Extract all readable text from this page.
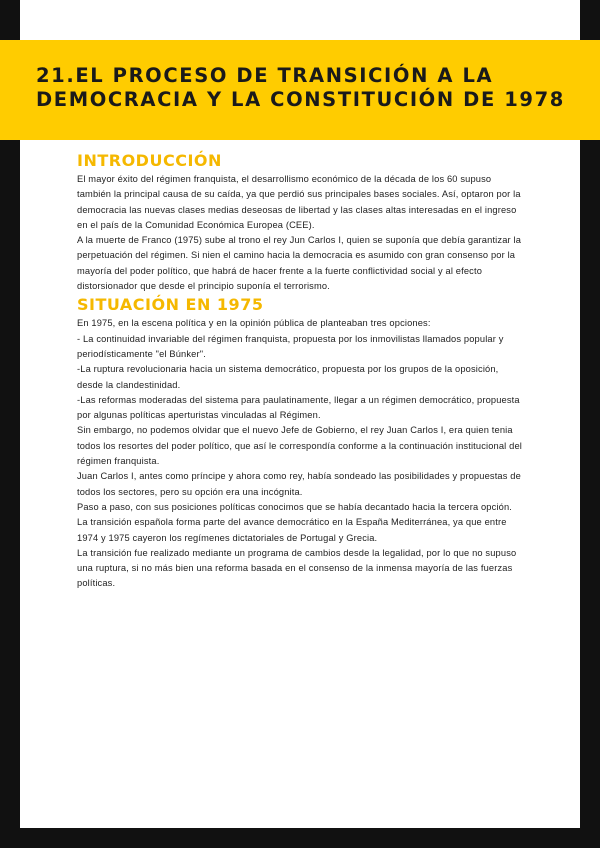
21.EL PROCESO DE TRANSICIÓN A LA DEMOCRACIA Y LA CONSTITUCIÓN DE 1978
INTRODUCCIÓN

El mayor éxito del régimen franquista, el desarrollismo económico de la década de los 60 supuso también la principal causa de su caída, ya que perdió sus principales bases sociales. Así, optaron por la democracia las nuevas clases medias deseosas de libertad y las clases altas interesadas en el ingreso en el país de la Comunidad Económica Europea (CEE).

A la muerte de Franco (1975) sube al trono el rey Jun Carlos I, quien se suponía que debía garantizar la perpetuación del régimen. Si nien el camino hacia la democracia es asumido con gran consenso por la mayoría del poder político, que habrá de hacer frente a la fuerte conflictividad social y al efecto distorsionador que desde el principio suponía el terrorismo.

SITUACIÓN EN 1975

En 1975, en la escena política y en la opinión pública de planteaban tres opciones:

- La continuidad invariable del régimen franquista, propuesta por los inmovilistas llamados popular y periodísticamente "el Búnker".

-La ruptura revolucionaria hacia un sistema democrático, propuesta por los grupos de la oposición, desde la clandestinidad.

-Las reformas moderadas del sistema para paulatinamente, llegar a un régimen democrático, propuesta por algunas políticas aperturistas vinculadas al Régimen.

Sin embargo, no podemos olvidar que el nuevo Jefe de Gobierno, el rey Juan Carlos I, era quien tenia todos los resortes del poder político, que así le correspondía conforme a la continuación institucional del régimen franquista.

Juan Carlos I, antes como príncipe y ahora como rey, había sondeado las posibilidades y propuestas de todos los sectores, pero su opción era una incógnita.

Paso a paso, con sus posiciones políticas conocimos que se había decantado hacia la tercera opción.

La transición española forma parte del avance democrático en la España Mediterránea, ya que entre 1974 y 1975 cayeron los regímenes dictatoriales de Portugal y Grecia.

La transición fue realizado mediante un programa de cambios desde la legalidad, por lo que no supuso una ruptura, si no más bien una reforma basada en el consenso de la inmensa mayoría de las fuerzas políticas.
